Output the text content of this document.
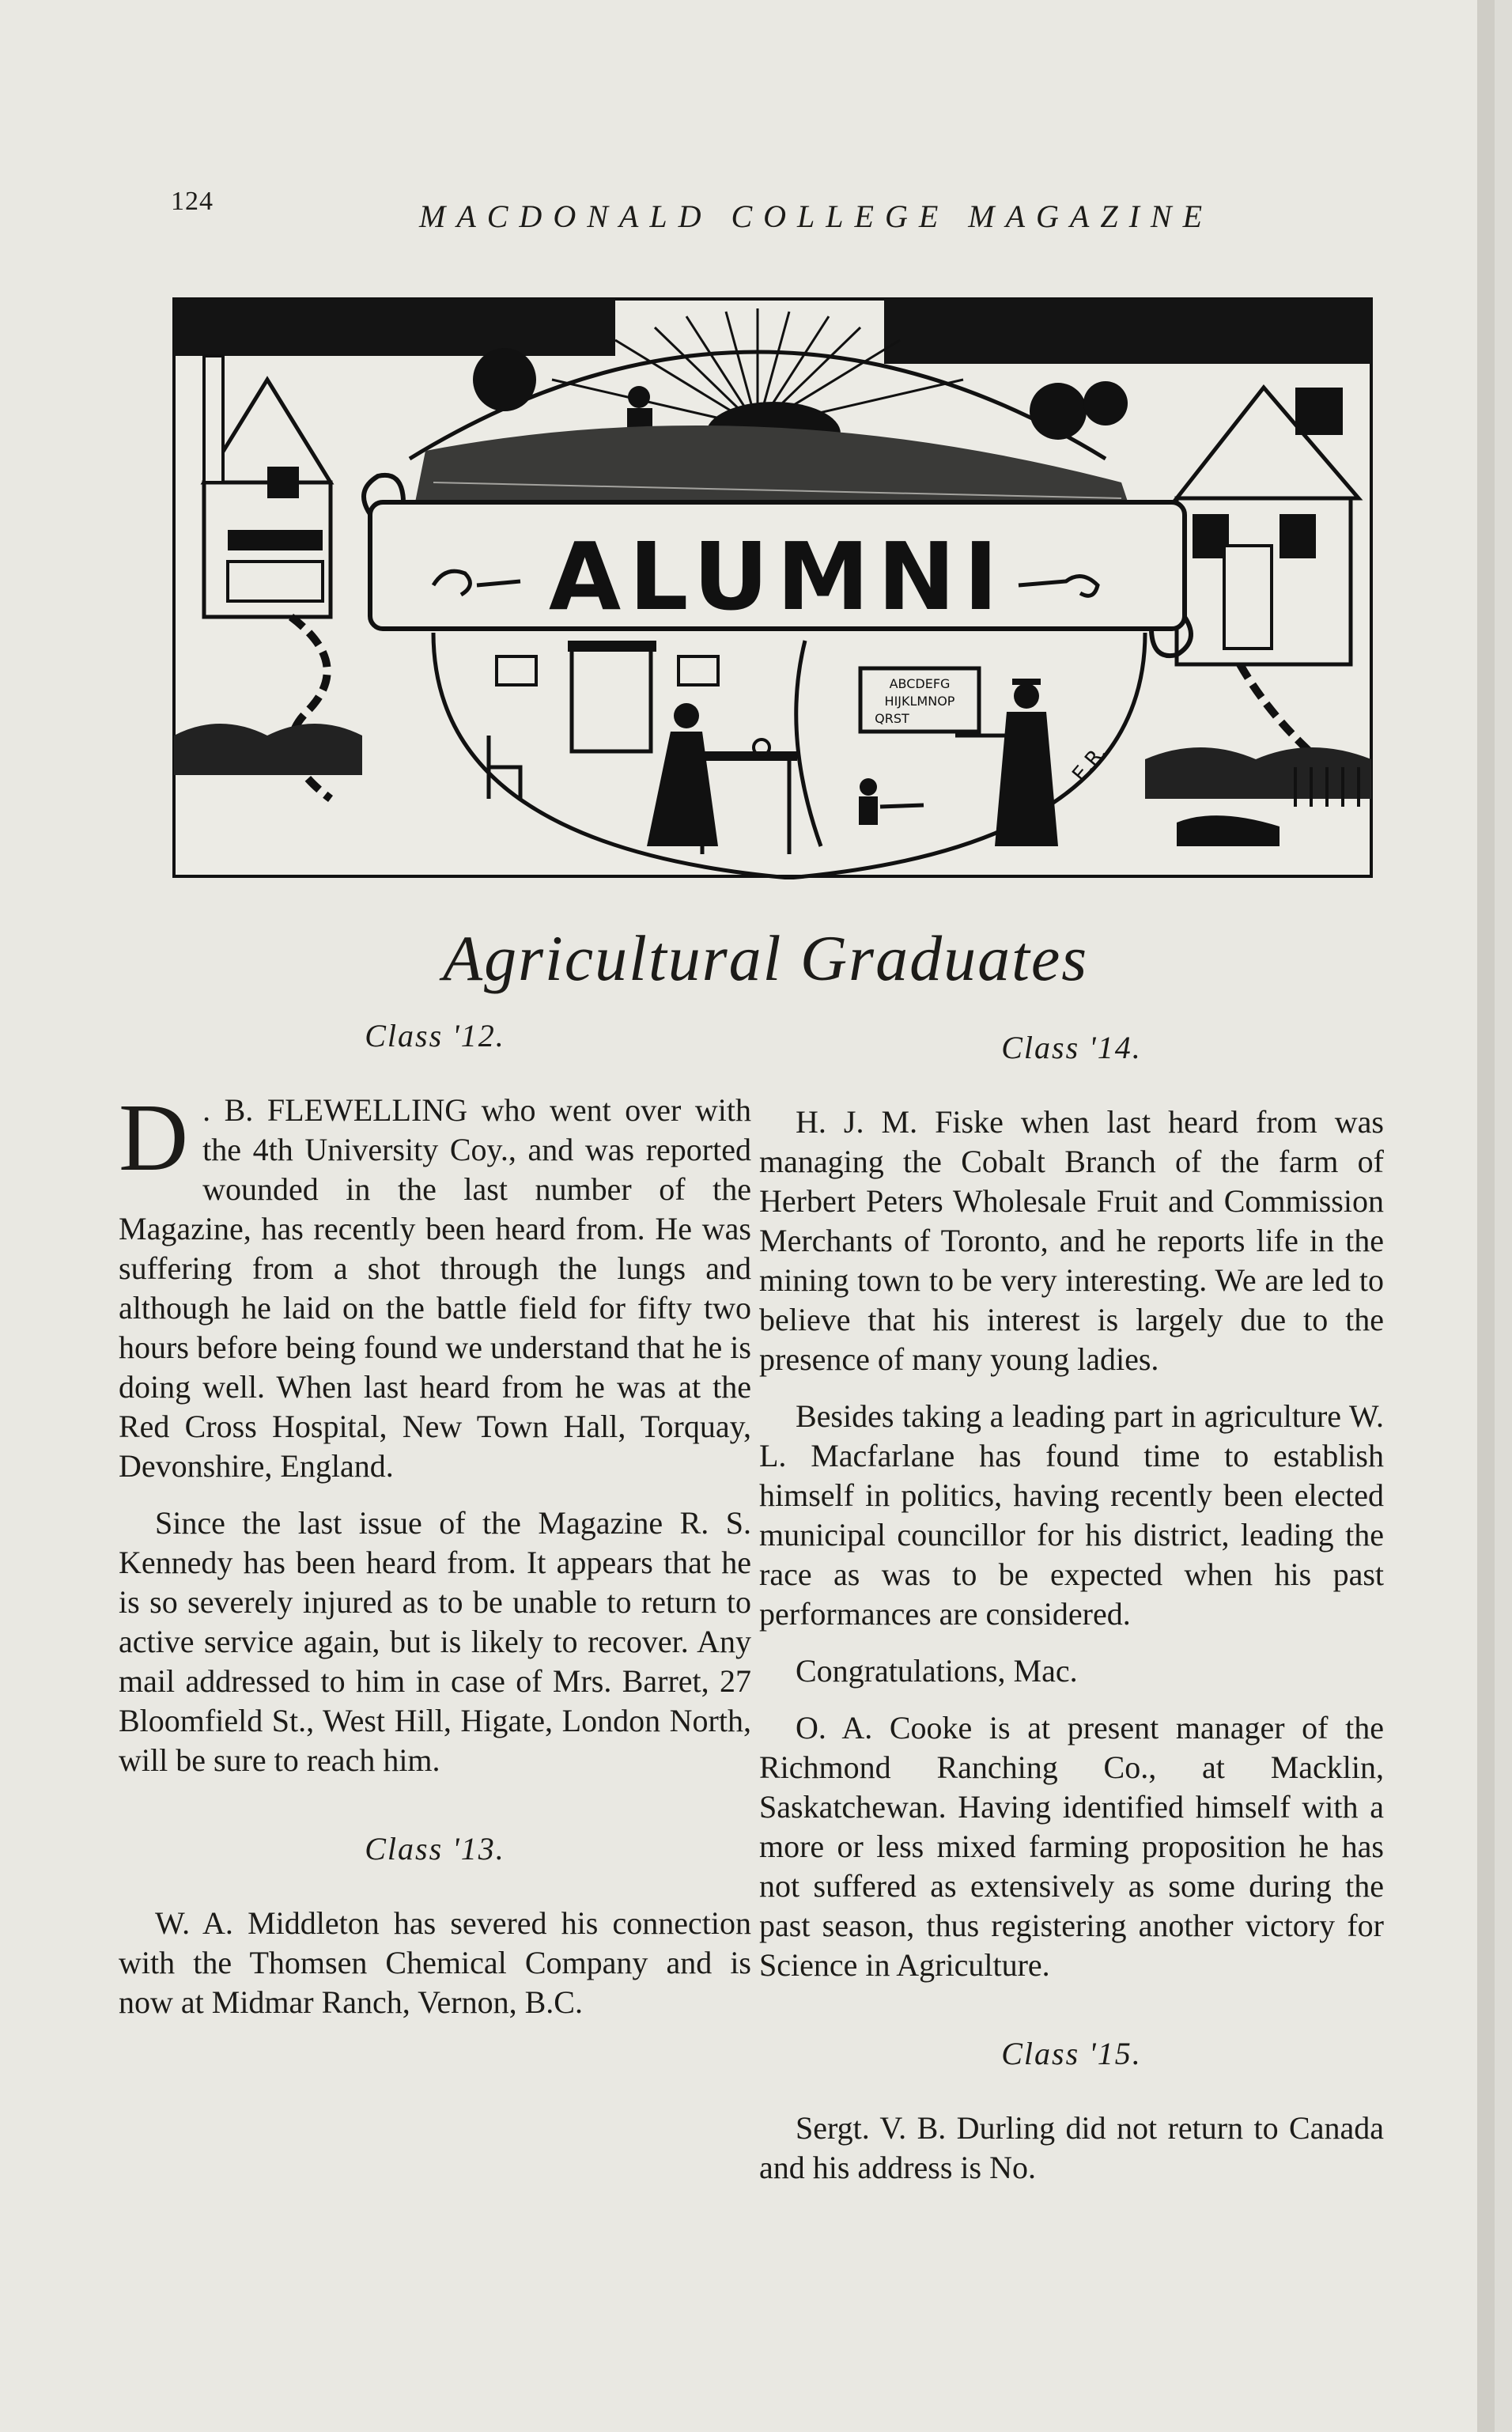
124	MACDONALD COLLEGE MAGAZINE
ALUMNI
ABCDEFG
HIJKLMNOP
QRST
E.R.
Agricultural Graduates
Class '12.

D . B. FLEWELLING who went over with the 4th University Coy., and was reported wounded in the last number of the Magazine, has recently been heard from. He was suffering from a shot through the lungs and although he laid on the battle field for fifty two hours before being found we understand that he is doing well. When last heard from he was at the Red Cross Hospital, New Town Hall, Torquay, Devonshire, England.

Since the last issue of the Magazine R. S. Kennedy has been heard from. It appears that he is so severely injured as to be unable to return to active service again, but is likely to recover. Any mail addressed to him in case of Mrs. Barret, 27 Bloomfield St., West Hill, Higate, London North, will be sure to reach him.

Class '13.

W. A. Middleton has severed his connection with the Thomsen Chemical Company and is now at Midmar Ranch, Vernon, B.C.

Class '14.

H. J. M. Fiske when last heard from was managing the Cobalt Branch of the farm of Herbert Peters Wholesale Fruit and Commission Merchants of Toronto, and he reports life in the mining town to be very interesting. We are led to believe that his interest is largely due to the presence of many young ladies.

Besides taking a leading part in agriculture W. L. Macfarlane has found time to establish himself in politics, having recently been elected municipal councillor for his district, leading the race as was to be expected when his past performances are considered.

Congratulations, Mac.

O. A. Cooke is at present manager of the Richmond Ranching Co., at Macklin, Saskatchewan. Having identified himself with a more or less mixed farming proposition he has not suffered as extensively as some during the past season, thus registering another victory for Science in Agriculture.

Class '15.

Sergt. V. B. Durling did not return to Canada and his address is No.
